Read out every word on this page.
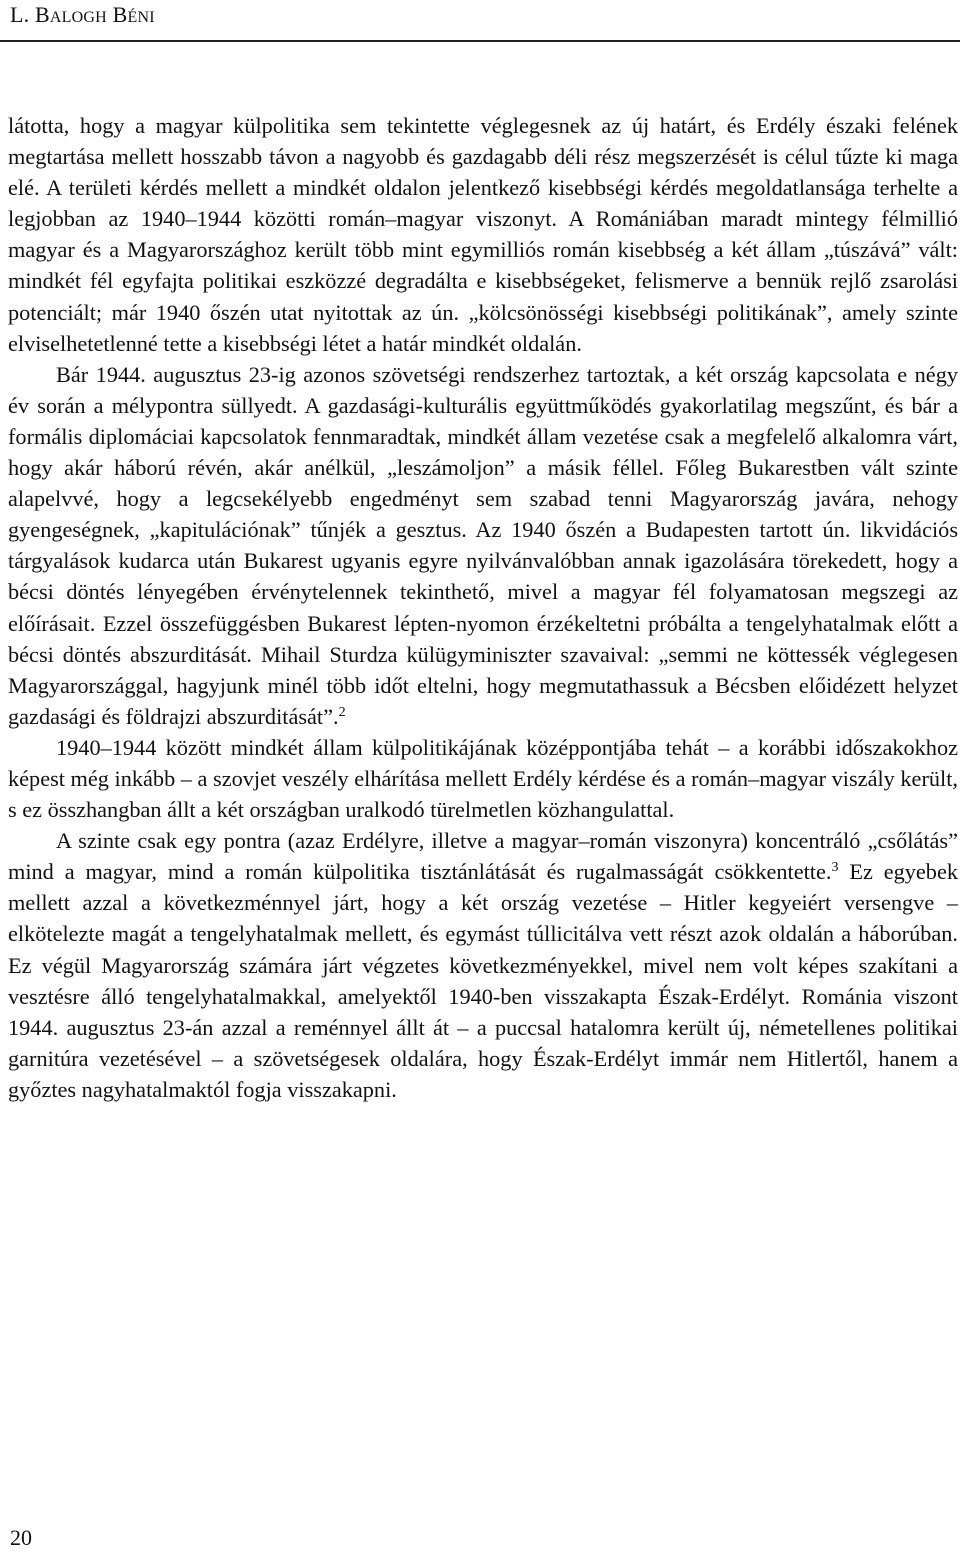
L. BALOGH BÉNI

látotta, hogy a magyar külpolitika sem tekintette véglegesnek az új határt, és Erdély északi felének megtartása mellett hosszabb távon a nagyobb és gazdagabb déli rész megszerzését is célul tűzte ki maga elé. A területi kérdés mellett a mindkét oldalon jelentkező kisebbségi kérdés megoldatlansága terhelte a legjobban az 1940–1944 közötti román–magyar viszonyt. A Romániában maradt mintegy félmillió magyar és a Magyarországhoz került több mint egymilliós román kisebbség a két állam „túszává” vált: mindkét fél egyfajta politikai eszközzé degradálta e kisebbségeket, felismerve a bennük rejlő zsarolási potenciált; már 1940 őszén utat nyitottak az ún. „kölcsönösségi kisebbségi politikának”, amely szinte elviselhetetlenné tette a kisebbségi létet a határ mindkét oldalán.

Bár 1944. augusztus 23-ig azonos szövetségi rendszerhez tartoztak, a két ország kapcsolata e négy év során a mélypontra süllyedt. A gazdasági-kulturális együttműködés gyakorlatilag megszűnt, és bár a formális diplomáciai kapcsolatok fennmaradtak, mindkét állam vezetése csak a megfelelő alkalomra várt, hogy akár háború révén, akár anélkül, „leszámoljon” a másik féllel. Főleg Bukarestben vált szinte alapelvvé, hogy a legcsekélyebb engedményt sem szabad tenni Magyarország javára, nehogy gyengeségnek, „kapitulációnak” tűnjék a gesztus. Az 1940 őszén a Budapesten tartott ún. likvidációs tárgyalások kudarca után Bukarest ugyanis egyre nyilvánvalóbban annak igazolására törekedett, hogy a bécsi döntés lényegében érvénytelennek tekinthető, mivel a magyar fél folyamatosan megszegi az előírásait. Ezzel összefüggésben Bukarest lépten-nyomon érzékeltetni próbálta a tengelyhatalmak előtt a bécsi döntés abszurditását. Mihail Sturdza külügyminiszter szavaival: „semmi ne köttessék véglegesen Magyarországgal, hagyjunk minél több időt eltelni, hogy megmutathassuk a Bécsben előidézett helyzet gazdasági és földrajzi abszurditását”.$^2$

1940–1944 között mindkét állam külpolitikájának középpontjába tehát – a korábbi időszakokhoz képest még inkább – a szovjet veszély elhárítása mellett Erdély kérdése és a román–magyar viszály került, s ez összhangban állt a két országban uralkodó türelmetlen közhangulattal.

A szinte csak egy pontra (azaz Erdélyre, illetve a magyar–román viszonyra) koncentráló „csőlátás” mind a magyar, mind a román külpolitika tisztánlátását és rugalmasságát csökkentette.$^3$ Ez egyebek mellett azzal a következménnyel járt, hogy a két ország vezetése – Hitler kegyeiért versengve – elkötelezte magát a tengelyhatalmak mellett, és egymást túllicitálva vett részt azok oldalán a háborúban. Ez végül Magyarország számára járt végzetes következményekkel, mivel nem volt képes szakítani a vesztésre álló tengelyhatalmakkal, amelyektől 1940-ben visszakapta Észak-Erdélyt. Románia viszont 1944. augusztus 23-án azzal a reménnyel állt át – a puccsal hatalomra került új, németellenes politikai garnitúra vezetésével – a szövetségesek oldalára, hogy Észak-Erdélyt immár nem Hitlertől, hanem a győztes nagyhatalmaktól fogja visszakapni.

20
